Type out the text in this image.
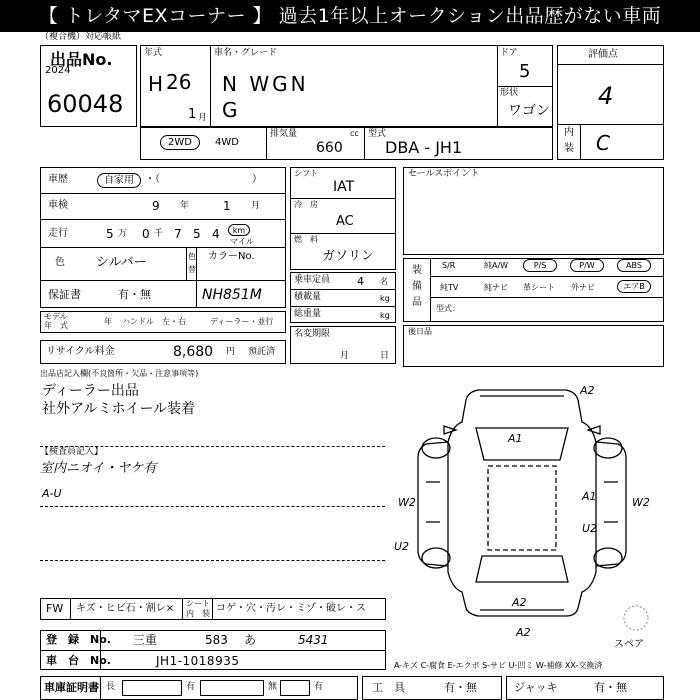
【 トレタマEXコーナー 】 過去1年以上オークション出品歴がない車両
（複合機）対応帳紙
出品No.
2024
60048
年式
H 26
1 月
車名・グレード
N WGN
G
ドア
5
形状
ワゴン
2WD	4WD
排気量	cc
660
型式
DBA - JH1
評価点
4
内
装 C
車歴	自家用	・（	）
車検	9 年	1 月
走行	5 万 0 千 7 5 4	km
マイル
色 シルバー	色
替
カラーNo.
NH851M
保証書	有・無
モデル
年　式	年 ハンドル　左・右	ディーラー・並行
リサイクル料金	8,680 円 預託済
シフト
IAT
冷　房
AC
燃　料
ガソリン
乗車定員 4 名
積載量	kg
総重量	kg
名変期限
月	日
セールスポイント
装
備
品
S/R	純A/W	P/S	P/W	ABS
純TV	純ナビ 革シート 外ナビ	エアB
型式：
後日品
出品店記入欄(不良箇所・欠品・注意事項等)
ディーラー出品
社外アルミホイール装着
【検査員記入】
室内ニオイ・ヤケ有
A-U
A2
A1
A1
U2
W2
W2
U2
A2
A2
スペア
FW キズ・ヒビ石・割レ× シート
内　装 コゲ・穴・汚レ・ミゾ・破レ・ス
登　録　No. 三重	583 あ	5431
車　台　No.	JH1-1018935	A-キズ C-腐食 E-エクボ S-サビ U-凹ミ W-補修 XX-交換済
車庫証明書 長	有	無	有	工　具	有・無	ジャッキ	有・無
